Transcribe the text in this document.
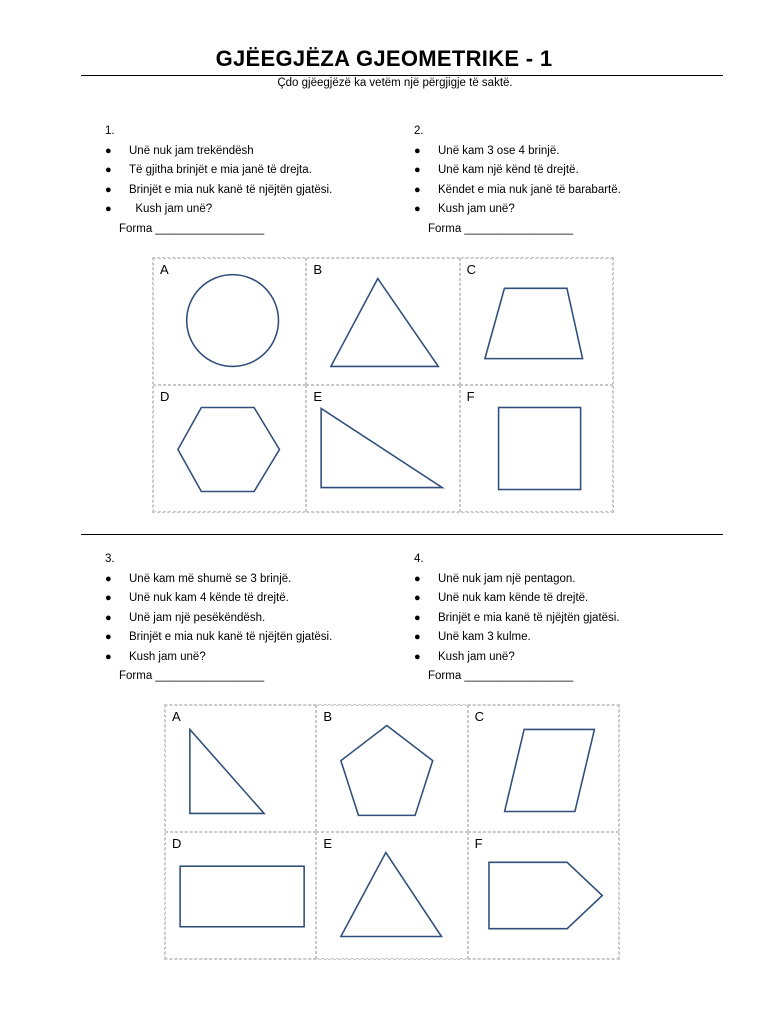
GJËEGJËZA GJEOMETRIKE - 1
Çdo gjëegjëzë ka vetëm një përgjigje të saktë.
1.
● Unë nuk jam trekëndësh
● Të gjitha brinjët e mia janë të drejta.
● Brinjët e mia nuk kanë të njëjtën gjatësi.
● Kush jam unë?
Forma _________________
2.
● Unë kam 3 ose 4 brinjë.
● Unë kam një kënd të drejtë.
● Këndet e mia nuk janë të barabartë.
● Kush jam unë?
Forma _________________
A	B	C
D	E	F
3.
● Unë kam më shumë se 3 brinjë.
● Unë nuk kam 4 kënde të drejtë.
● Unë jam një pesëkëndësh.
● Brinjët e mia nuk kanë të njëjtën gjatësi.
● Kush jam unë?
Forma _________________
4.
● Unë nuk jam një pentagon.
● Unë nuk kam kënde të drejtë.
● Brinjët e mia kanë të njëjtën gjatësi.
● Unë kam 3 kulme.
● Kush jam unë?
Forma _________________
A	B	C
D	E	F
